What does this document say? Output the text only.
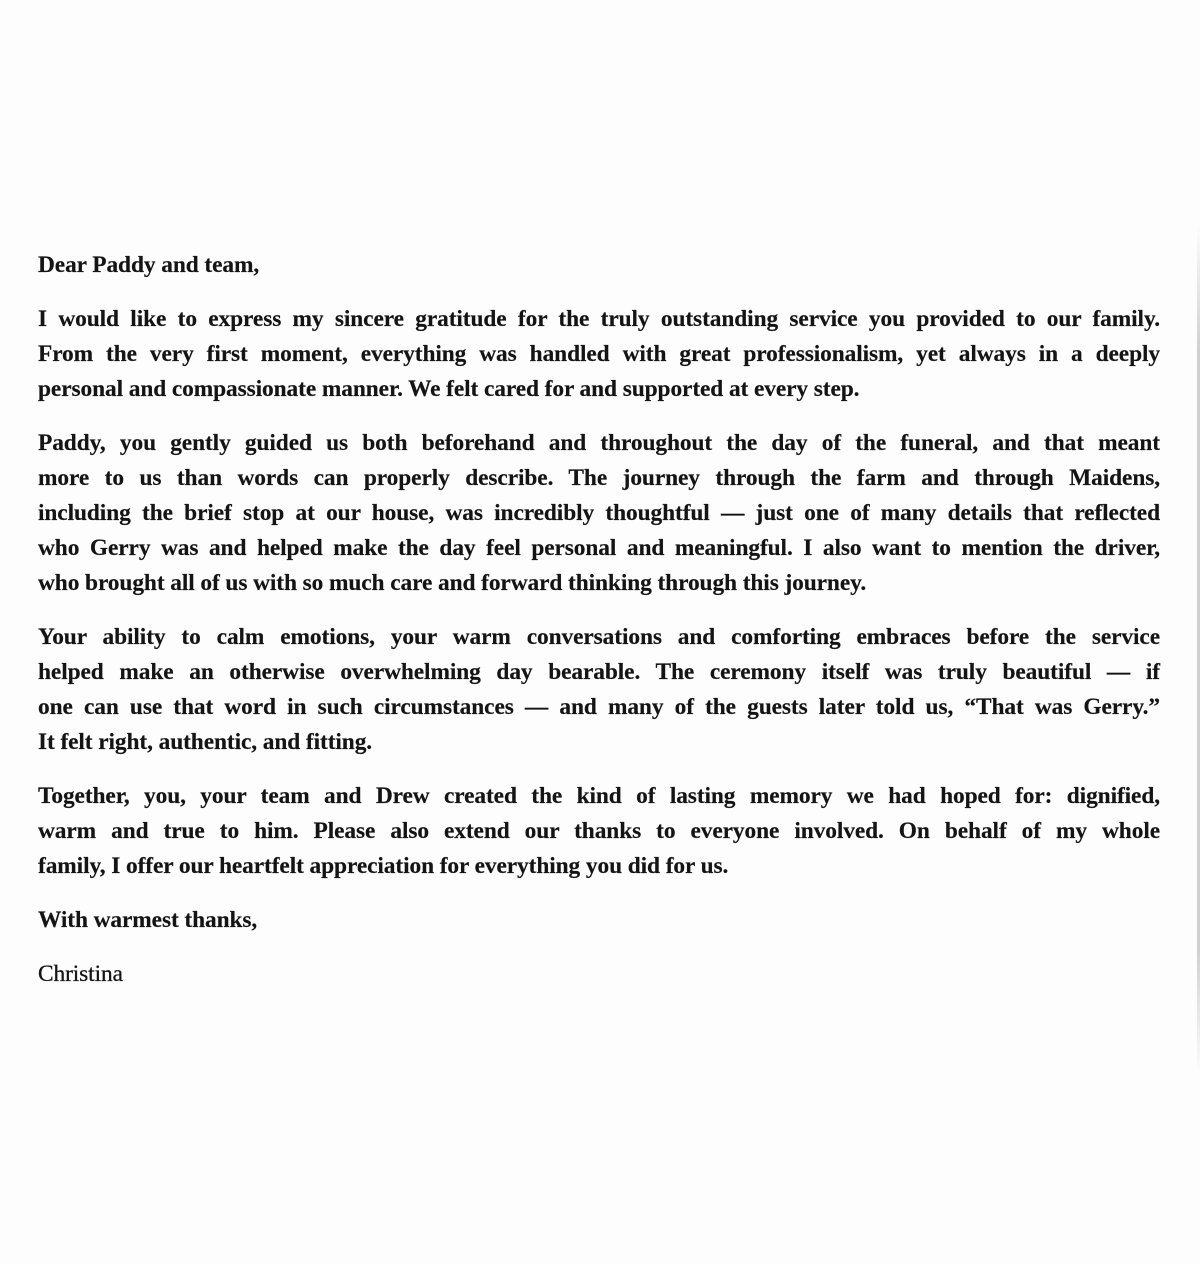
Dear Paddy and team,
I would like to express my sincere gratitude for the truly outstanding service you provided to our family.
From the very first moment, everything was handled with great professionalism, yet always in a deeply
personal and compassionate manner. We felt cared for and supported at every step.
Paddy, you gently guided us both beforehand and throughout the day of the funeral, and that meant
more to us than words can properly describe. The journey through the farm and through Maidens,
including the brief stop at our house, was incredibly thoughtful — just one of many details that reflected
who Gerry was and helped make the day feel personal and meaningful. I also want to mention the driver,
who brought all of us with so much care and forward thinking through this journey.
Your ability to calm emotions, your warm conversations and comforting embraces before the service
helped make an otherwise overwhelming day bearable. The ceremony itself was truly beautiful — if
one can use that word in such circumstances — and many of the guests later told us, “That was Gerry.”
It felt right, authentic, and fitting.
Together, you, your team and Drew created the kind of lasting memory we had hoped for: dignified,
warm and true to him. Please also extend our thanks to everyone involved. On behalf of my whole
family, I offer our heartfelt appreciation for everything you did for us.
With warmest thanks,
Christina
